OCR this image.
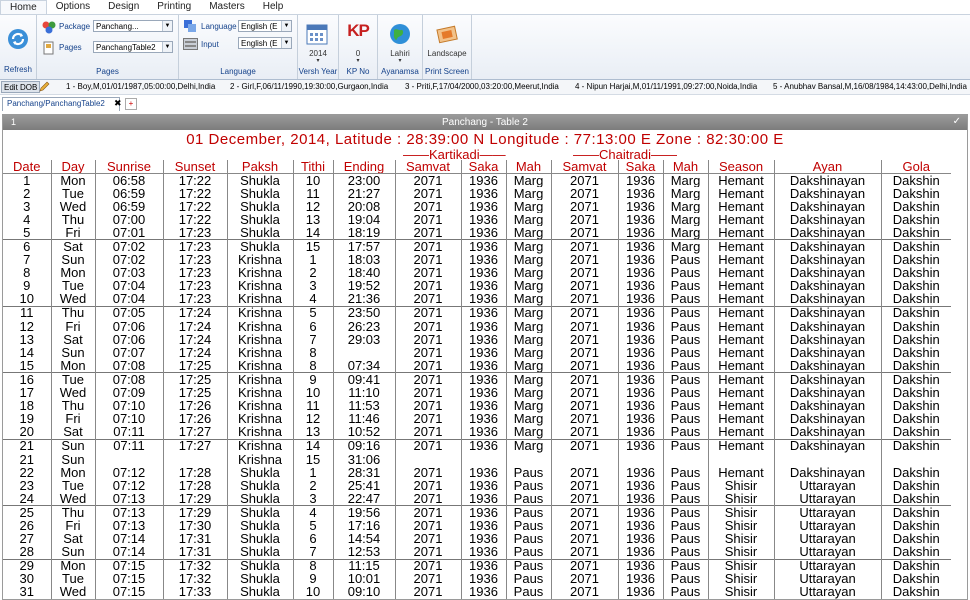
Home	Options	Design	Printing	Masters	Help
Refresh
Package Panchang...	▼
Pages	PanchangTable2	▼
Pages
Language English (E	▼
Input	English (E	▼
Language
2014
▾
Versh Year
KP
0
▾
KP No
Lahiri
▾
Ayanamsa
Landscape
Print Screen
Edit DOB	1 - Boy,M,01/01/1987,05:00:00,Delhi,India 2 - Girl,F,06/11/1990,19:30:00,Gurgaon,India 3 - Priti,F,17/04/2000,03:20:00,Meerut,India 4 - Nipun Harjai,M,01/11/1991,09:27:00,Noida,India 5 - Anubhav Bansal,M,16/08/1984,14:43:00,Delhi,India
Panchang/PanchangTable2	✖ +
1	Panchang - Table 2	✓
01 December, 2014, Latitude : 28:39:00 N Longitude : 77:13:00 E Zone : 82:30:00 E
——Kartikadi——	——Chaitradi——
Date	Day	Sunrise	Sunset	Paksh	Tithi	Ending	Samvat	Saka	Mah	Samvat	Saka	Mah	Season	Ayan	Gola
1	Mon	06:58	17:22	Shukla	10	23:00	2071	1936	Marg	2071	1936	Marg	Hemant	Dakshinayan	Dakshin
2	Tue	06:59	17:22	Shukla	11	21:27	2071	1936	Marg	2071	1936	Marg	Hemant	Dakshinayan	Dakshin
3	Wed	06:59	17:22	Shukla	12	20:08	2071	1936	Marg	2071	1936	Marg	Hemant	Dakshinayan	Dakshin
4	Thu	07:00	17:22	Shukla	13	19:04	2071	1936	Marg	2071	1936	Marg	Hemant	Dakshinayan	Dakshin
5	Fri	07:01	17:23	Shukla	14	18:19	2071	1936	Marg	2071	1936	Marg	Hemant	Dakshinayan	Dakshin
6	Sat	07:02	17:23	Shukla	15	17:57	2071	1936	Marg	2071	1936	Marg	Hemant	Dakshinayan	Dakshin
7	Sun	07:02	17:23	Krishna	1	18:03	2071	1936	Marg	2071	1936	Paus	Hemant	Dakshinayan	Dakshin
8	Mon	07:03	17:23	Krishna	2	18:40	2071	1936	Marg	2071	1936	Paus	Hemant	Dakshinayan	Dakshin
9	Tue	07:04	17:23	Krishna	3	19:52	2071	1936	Marg	2071	1936	Paus	Hemant	Dakshinayan	Dakshin
10	Wed	07:04	17:23	Krishna	4	21:36	2071	1936	Marg	2071	1936	Paus	Hemant	Dakshinayan	Dakshin
11	Thu	07:05	17:24	Krishna	5	23:50	2071	1936	Marg	2071	1936	Paus	Hemant	Dakshinayan	Dakshin
12	Fri	07:06	17:24	Krishna	6	26:23	2071	1936	Marg	2071	1936	Paus	Hemant	Dakshinayan	Dakshin
13	Sat	07:06	17:24	Krishna	7	29:03	2071	1936	Marg	2071	1936	Paus	Hemant	Dakshinayan	Dakshin
14	Sun	07:07	17:24	Krishna	8		2071	1936	Marg	2071	1936	Paus	Hemant	Dakshinayan	Dakshin
15	Mon	07:08	17:25	Krishna	8	07:34	2071	1936	Marg	2071	1936	Paus	Hemant	Dakshinayan	Dakshin
16	Tue	07:08	17:25	Krishna	9	09:41	2071	1936	Marg	2071	1936	Paus	Hemant	Dakshinayan	Dakshin
17	Wed	07:09	17:25	Krishna	10	11:10	2071	1936	Marg	2071	1936	Paus	Hemant	Dakshinayan	Dakshin
18	Thu	07:10	17:26	Krishna	11	11:53	2071	1936	Marg	2071	1936	Paus	Hemant	Dakshinayan	Dakshin
19	Fri	07:10	17:26	Krishna	12	11:46	2071	1936	Marg	2071	1936	Paus	Hemant	Dakshinayan	Dakshin
20	Sat	07:11	17:27	Krishna	13	10:52	2071	1936	Marg	2071	1936	Paus	Hemant	Dakshinayan	Dakshin
21	Sun	07:11	17:27	Krishna	14	09:16	2071	1936	Marg	2071	1936	Paus	Hemant	Dakshinayan	Dakshin
21	Sun			Krishna	15	31:06									
22	Mon	07:12	17:28	Shukla	1	28:31	2071	1936	Paus	2071	1936	Paus	Hemant	Dakshinayan	Dakshin
23	Tue	07:12	17:28	Shukla	2	25:41	2071	1936	Paus	2071	1936	Paus	Shisir	Uttarayan	Dakshin
24	Wed	07:13	17:29	Shukla	3	22:47	2071	1936	Paus	2071	1936	Paus	Shisir	Uttarayan	Dakshin
25	Thu	07:13	17:29	Shukla	4	19:56	2071	1936	Paus	2071	1936	Paus	Shisir	Uttarayan	Dakshin
26	Fri	07:13	17:30	Shukla	5	17:16	2071	1936	Paus	2071	1936	Paus	Shisir	Uttarayan	Dakshin
27	Sat	07:14	17:31	Shukla	6	14:54	2071	1936	Paus	2071	1936	Paus	Shisir	Uttarayan	Dakshin
28	Sun	07:14	17:31	Shukla	7	12:53	2071	1936	Paus	2071	1936	Paus	Shisir	Uttarayan	Dakshin
29	Mon	07:15	17:32	Shukla	8	11:15	2071	1936	Paus	2071	1936	Paus	Shisir	Uttarayan	Dakshin
30	Tue	07:15	17:32	Shukla	9	10:01	2071	1936	Paus	2071	1936	Paus	Shisir	Uttarayan	Dakshin
31	Wed	07:15	17:33	Shukla	10	09:10	2071	1936	Paus	2071	1936	Paus	Shisir	Uttarayan	Dakshin
